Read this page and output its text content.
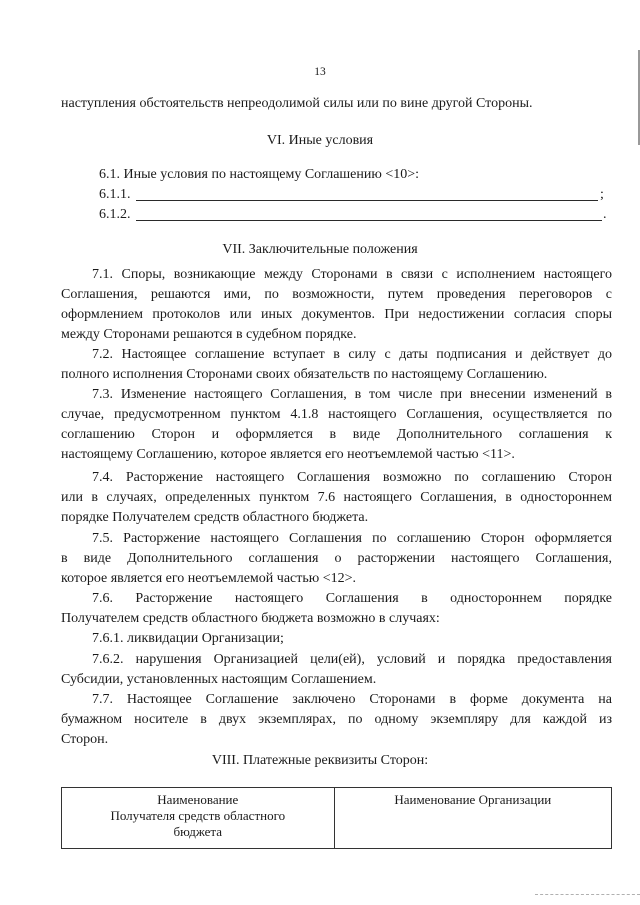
13
наступления обстоятельств непреодолимой силы или по вине другой Стороны.
VI. Иные условия
6.1. Иные условия по настоящему Соглашению <10>:
6.1.1.	;
6.1.2.	.
VII. Заключительные положения
7.1. Споры, возникающие между Сторонами в связи с исполнением настоящего
Соглашения, решаются ими, по возможности, путем проведения переговоров с
оформлением протоколов или иных документов. При недостижении согласия споры
между Сторонами решаются в судебном порядке.
7.2. Настоящее соглашение вступает в силу с даты подписания и действует до
полного исполнения Сторонами своих обязательств по настоящему Соглашению.
7.3. Изменение настоящего Соглашения, в том числе при внесении изменений в
случае, предусмотренном пунктом 4.1.8 настоящего Соглашения, осуществляется по
соглашению Сторон и оформляется в виде Дополнительного соглашения к
настоящему Соглашению, которое является его неотъемлемой частью <11>.
7.4. Расторжение настоящего Соглашения возможно по соглашению Сторон
или в случаях, определенных пунктом 7.6 настоящего Соглашения, в одностороннем
порядке Получателем средств областного бюджета.
7.5. Расторжение настоящего Соглашения по соглашению Сторон оформляется
в виде Дополнительного соглашения о расторжении настоящего Соглашения,
которое является его неотъемлемой частью <12>.
7.6. Расторжение настоящего Соглашения в одностороннем порядке
Получателем средств областного бюджета возможно в случаях:
7.6.1. ликвидации Организации;
7.6.2. нарушения Организацией цели(ей), условий и порядка предоставления
Субсидии, установленных настоящим Соглашением.
7.7. Настоящее Соглашение заключено Сторонами в форме документа на
бумажном носителе в двух экземплярах, по одному экземпляру для каждой из
Сторон.
VIII. Платежные реквизиты Сторон:
Наименование
Получателя средств областного
бюджета	Наименование Организации
